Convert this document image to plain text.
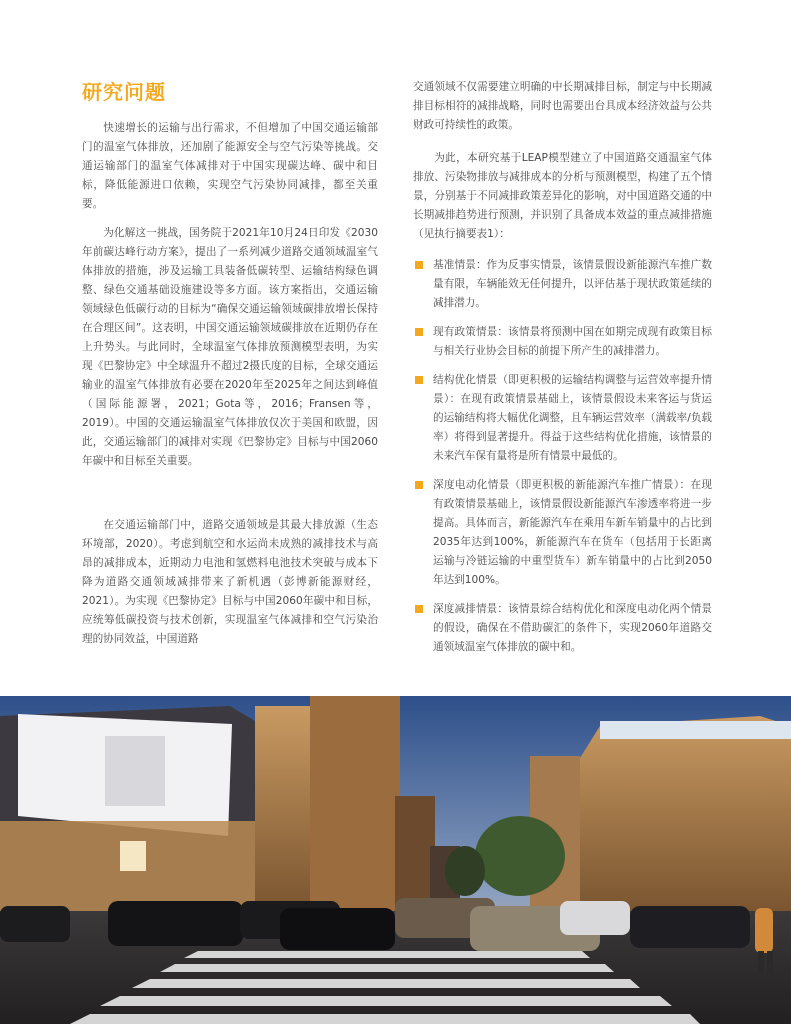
研究问题

快速增长的运输与出行需求，不但增加了中国交通运输部门的温室气体排放，还加剧了能源安全与空气污染等挑战。交通运输部门的温室气体减排对于中国实现碳达峰、碳中和目标，降低能源进口依赖，实现空气污染协同减排，都至关重要。

为化解这一挑战，国务院于2021年10月24日印发《2030年前碳达峰行动方案》，提出了一系列减少道路交通领域温室气体排放的措施，涉及运输工具装备低碳转型、运输结构绿色调整、绿色交通基础设施建设等多方面。该方案指出，交通运输领域绿色低碳行动的目标为“确保交通运输领域碳排放增长保持在合理区间”。这表明，中国交通运输领域碳排放在近期仍存在上升势头。与此同时，全球温室气体排放预测模型表明，为实现《巴黎协定》中全球温升不超过2摄氏度的目标，全球交通运输业的温室气体排放有必要在2020年至2025年之间达到峰值（国际能源署，2021；Gota等，2016；Fransen等，2019）。中国的交通运输温室气体排放仅次于美国和欧盟，因此，交通运输部门的减排对实现《巴黎协定》目标与中国2060年碳中和目标至关重要。

在交通运输部门中，道路交通领域是其最大排放源（生态环境部，2020）。考虑到航空和水运尚未成熟的减排技术与高昂的减排成本，近期动力电池和氢燃料电池技术突破与成本下降为道路交通领域减排带来了新机遇（彭博新能源财经，2021）。为实现《巴黎协定》目标与中国2060年碳中和目标，应统筹低碳投资与技术创新，实现温室气体减排和空气污染治理的协同效益，中国道路

交通领域不仅需要建立明确的中长期减排目标，制定与中长期减排目标相符的减排战略，同时也需要出台具成本经济效益与公共财政可持续性的政策。

为此，本研究基于LEAP模型建立了中国道路交通温室气体排放、污染物排放与减排成本的分析与预测模型，构建了五个情景，分别基于不同减排政策差异化的影响，对中国道路交通的中长期减排趋势进行预测，并识别了具备成本效益的重点减排措施（见执行摘要表1）：

基准情景：作为反事实情景，该情景假设新能源汽车推广数量有限，车辆能效无任何提升，以评估基于现状政策延续的减排潜力。
现有政策情景：该情景将预测中国在如期完成现有政策目标与相关行业协会目标的前提下所产生的减排潜力。
结构优化情景（即更积极的运输结构调整与运营效率提升情景）：在现有政策情景基础上，该情景假设未来客运与货运的运输结构将大幅优化调整，且车辆运营效率（满载率/负载率）将得到显著提升。得益于这些结构优化措施，该情景的未来汽车保有量将是所有情景中最低的。
深度电动化情景（即更积极的新能源汽车推广情景）：在现有政策情景基础上，该情景假设新能源汽车渗透率将进一步提高。具体而言，新能源汽车在乘用车新车销量中的占比到2035年达到100%，新能源汽车在货车（包括用于长距离运输与冷链运输的中重型货车）新车销量中的占比到2050年达到100%。
深度减排情景：该情景综合结构优化和深度电动化两个情景的假设，确保在不借助碳汇的条件下，实现2060年道路交通领域温室气体排放的碳中和。
